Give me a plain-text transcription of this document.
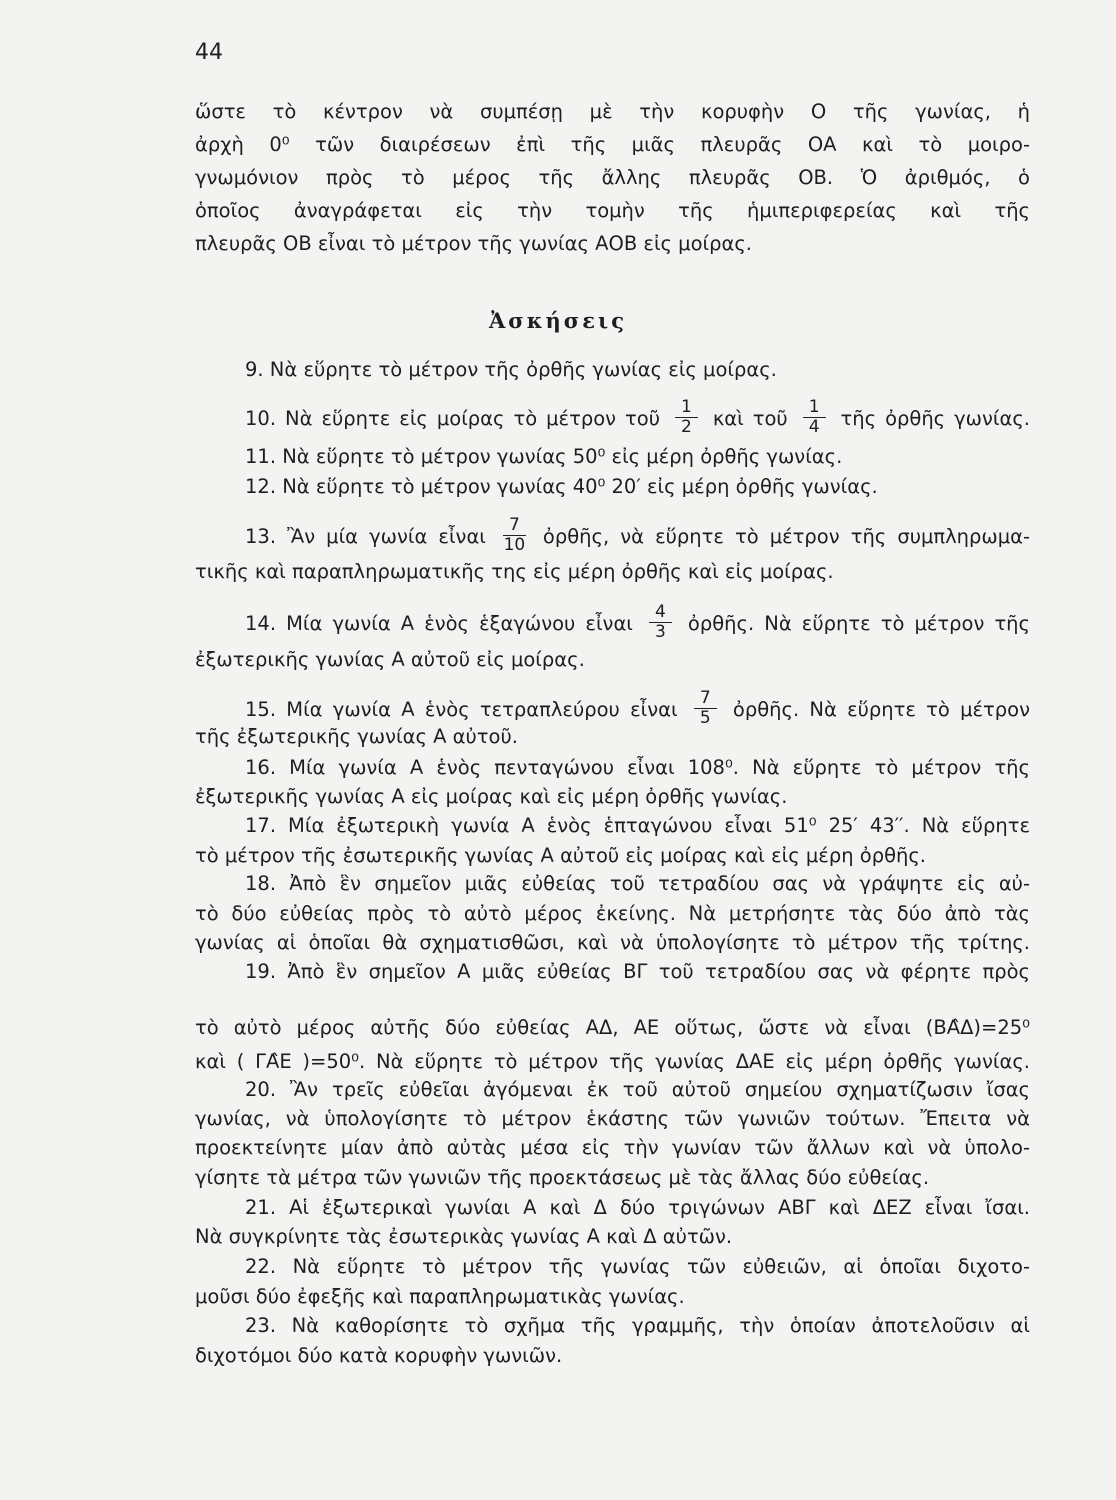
44
ὥστε τὸ κέντρον νὰ συμπέσῃ μὲ τὴν κορυφὴν Ο τῆς γωνίας, ἡ
ἀρχὴ 0⁰ τῶν διαιρέσεων ἐπὶ τῆς μιᾶς πλευρᾶς ΟΑ καὶ τὸ μοιρο-
γνωμόνιον πρὸς τὸ μέρος τῆς ἄλλης πλευρᾶς ΟΒ. Ὁ ἀριθμός, ὁ
ὁποῖος ἀναγράφεται εἰς τὴν τομὴν τῆς ἡμιπεριφερείας καὶ τῆς
πλευρᾶς ΟΒ εἶναι τὸ μέτρον τῆς γωνίας ΑΟΒ εἰς μοίρας.
Ἀσκήσεις
9. Νὰ εὕρητε τὸ μέτρον τῆς ὀρθῆς γωνίας εἰς μοίρας.
10. Νὰ εὕρητε εἰς μοίρας τὸ μέτρον τοῦ $\frac{1}{2}$ καὶ τοῦ $\frac{1}{4}$ τῆς ὀρθῆς γωνίας.
11. Νὰ εὕρητε τὸ μέτρον γωνίας 50⁰ εἰς μέρη ὀρθῆς γωνίας.
12. Νὰ εὕρητε τὸ μέτρον γωνίας 40⁰ 20′ εἰς μέρη ὀρθῆς γωνίας.
13. Ἂν μία γωνία εἶναι $\frac{7}{10}$ ὀρθῆς, νὰ εὕρητε τὸ μέτρον τῆς συμπληρωμα-
τικῆς καὶ παραπληρωματικῆς της εἰς μέρη ὀρθῆς καὶ εἰς μοίρας.
14. Μία γωνία Α ἑνὸς ἑξαγώνου εἶναι $\frac{4}{3}$ ὀρθῆς. Νὰ εὕρητε τὸ μέτρον τῆς
ἐξωτερικῆς γωνίας Α αὐτοῦ εἰς μοίρας.
15. Μία γωνία Α ἑνὸς τετραπλεύρου εἶναι $\frac{7}{5}$ ὀρθῆς. Νὰ εὕρητε τὸ μέτρον
τῆς ἐξωτερικῆς γωνίας Α αὐτοῦ.
16. Μία γωνία Α ἑνὸς πενταγώνου εἶναι 108⁰. Νὰ εὕρητε τὸ μέτρον τῆς
ἐξωτερικῆς γωνίας Α εἰς μοίρας καὶ εἰς μέρη ὀρθῆς γωνίας.
17. Μία ἐξωτερικὴ γωνία Α ἑνὸς ἑπταγώνου εἶναι 51⁰ 25′ 43′′. Νὰ εὕρητε
τὸ μέτρον τῆς ἐσωτερικῆς γωνίας Α αὐτοῦ εἰς μοίρας καὶ εἰς μέρη ὀρθῆς.
18. Ἀπὸ ἓν σημεῖον μιᾶς εὐθείας τοῦ τετραδίου σας νὰ γράψητε εἰς αὐ-
τὸ δύο εὐθείας πρὸς τὸ αὐτὸ μέρος ἐκείνης. Νὰ μετρήσητε τὰς δύο ἀπὸ τὰς
γωνίας αἱ ὁποῖαι θὰ σχηματισθῶσι, καὶ νὰ ὑπολογίσητε τὸ μέτρον τῆς τρίτης.
19. Ἀπὸ ἓν σημεῖον Α μιᾶς εὐθείας ΒΓ τοῦ τετραδίου σας νὰ φέρητε πρὸς
τὸ αὐτὸ μέρος αὐτῆς δύο εὐθείας ΑΔ, ΑΕ οὕτως, ὥστε νὰ εἶναι (ΒΑ̂Δ)=25⁰
καὶ ( ΓΑ̂Ε )=50⁰. Νὰ εὕρητε τὸ μέτρον τῆς γωνίας ΔΑΕ εἰς μέρη ὀρθῆς γωνίας.
20. Ἂν τρεῖς εὐθεῖαι ἀγόμεναι ἐκ τοῦ αὐτοῦ σημείου σχηματίζωσιν ἴσας
γωνίας, νὰ ὑπολογίσητε τὸ μέτρον ἑκάστης τῶν γωνιῶν τούτων. Ἔπειτα νὰ
προεκτείνητε μίαν ἀπὸ αὐτὰς μέσα εἰς τὴν γωνίαν τῶν ἄλλων καὶ νὰ ὑπολο-
γίσητε τὰ μέτρα τῶν γωνιῶν τῆς προεκτάσεως μὲ τὰς ἄλλας δύο εὐθείας.
21. Αἱ ἐξωτερικαὶ γωνίαι Α καὶ Δ δύο τριγώνων ΑΒΓ καὶ ΔΕΖ εἶναι ἴσαι.
Νὰ συγκρίνητε τὰς ἐσωτερικὰς γωνίας Α καὶ Δ αὐτῶν.
22. Νὰ εὕρητε τὸ μέτρον τῆς γωνίας τῶν εὐθειῶν, αἱ ὁποῖαι διχοτο-
μοῦσι δύο ἐφεξῆς καὶ παραπληρωματικὰς γωνίας.
23. Νὰ καθορίσητε τὸ σχῆμα τῆς γραμμῆς, τὴν ὁποίαν ἀποτελοῦσιν αἱ
διχοτόμοι δύο κατὰ κορυφὴν γωνιῶν.
